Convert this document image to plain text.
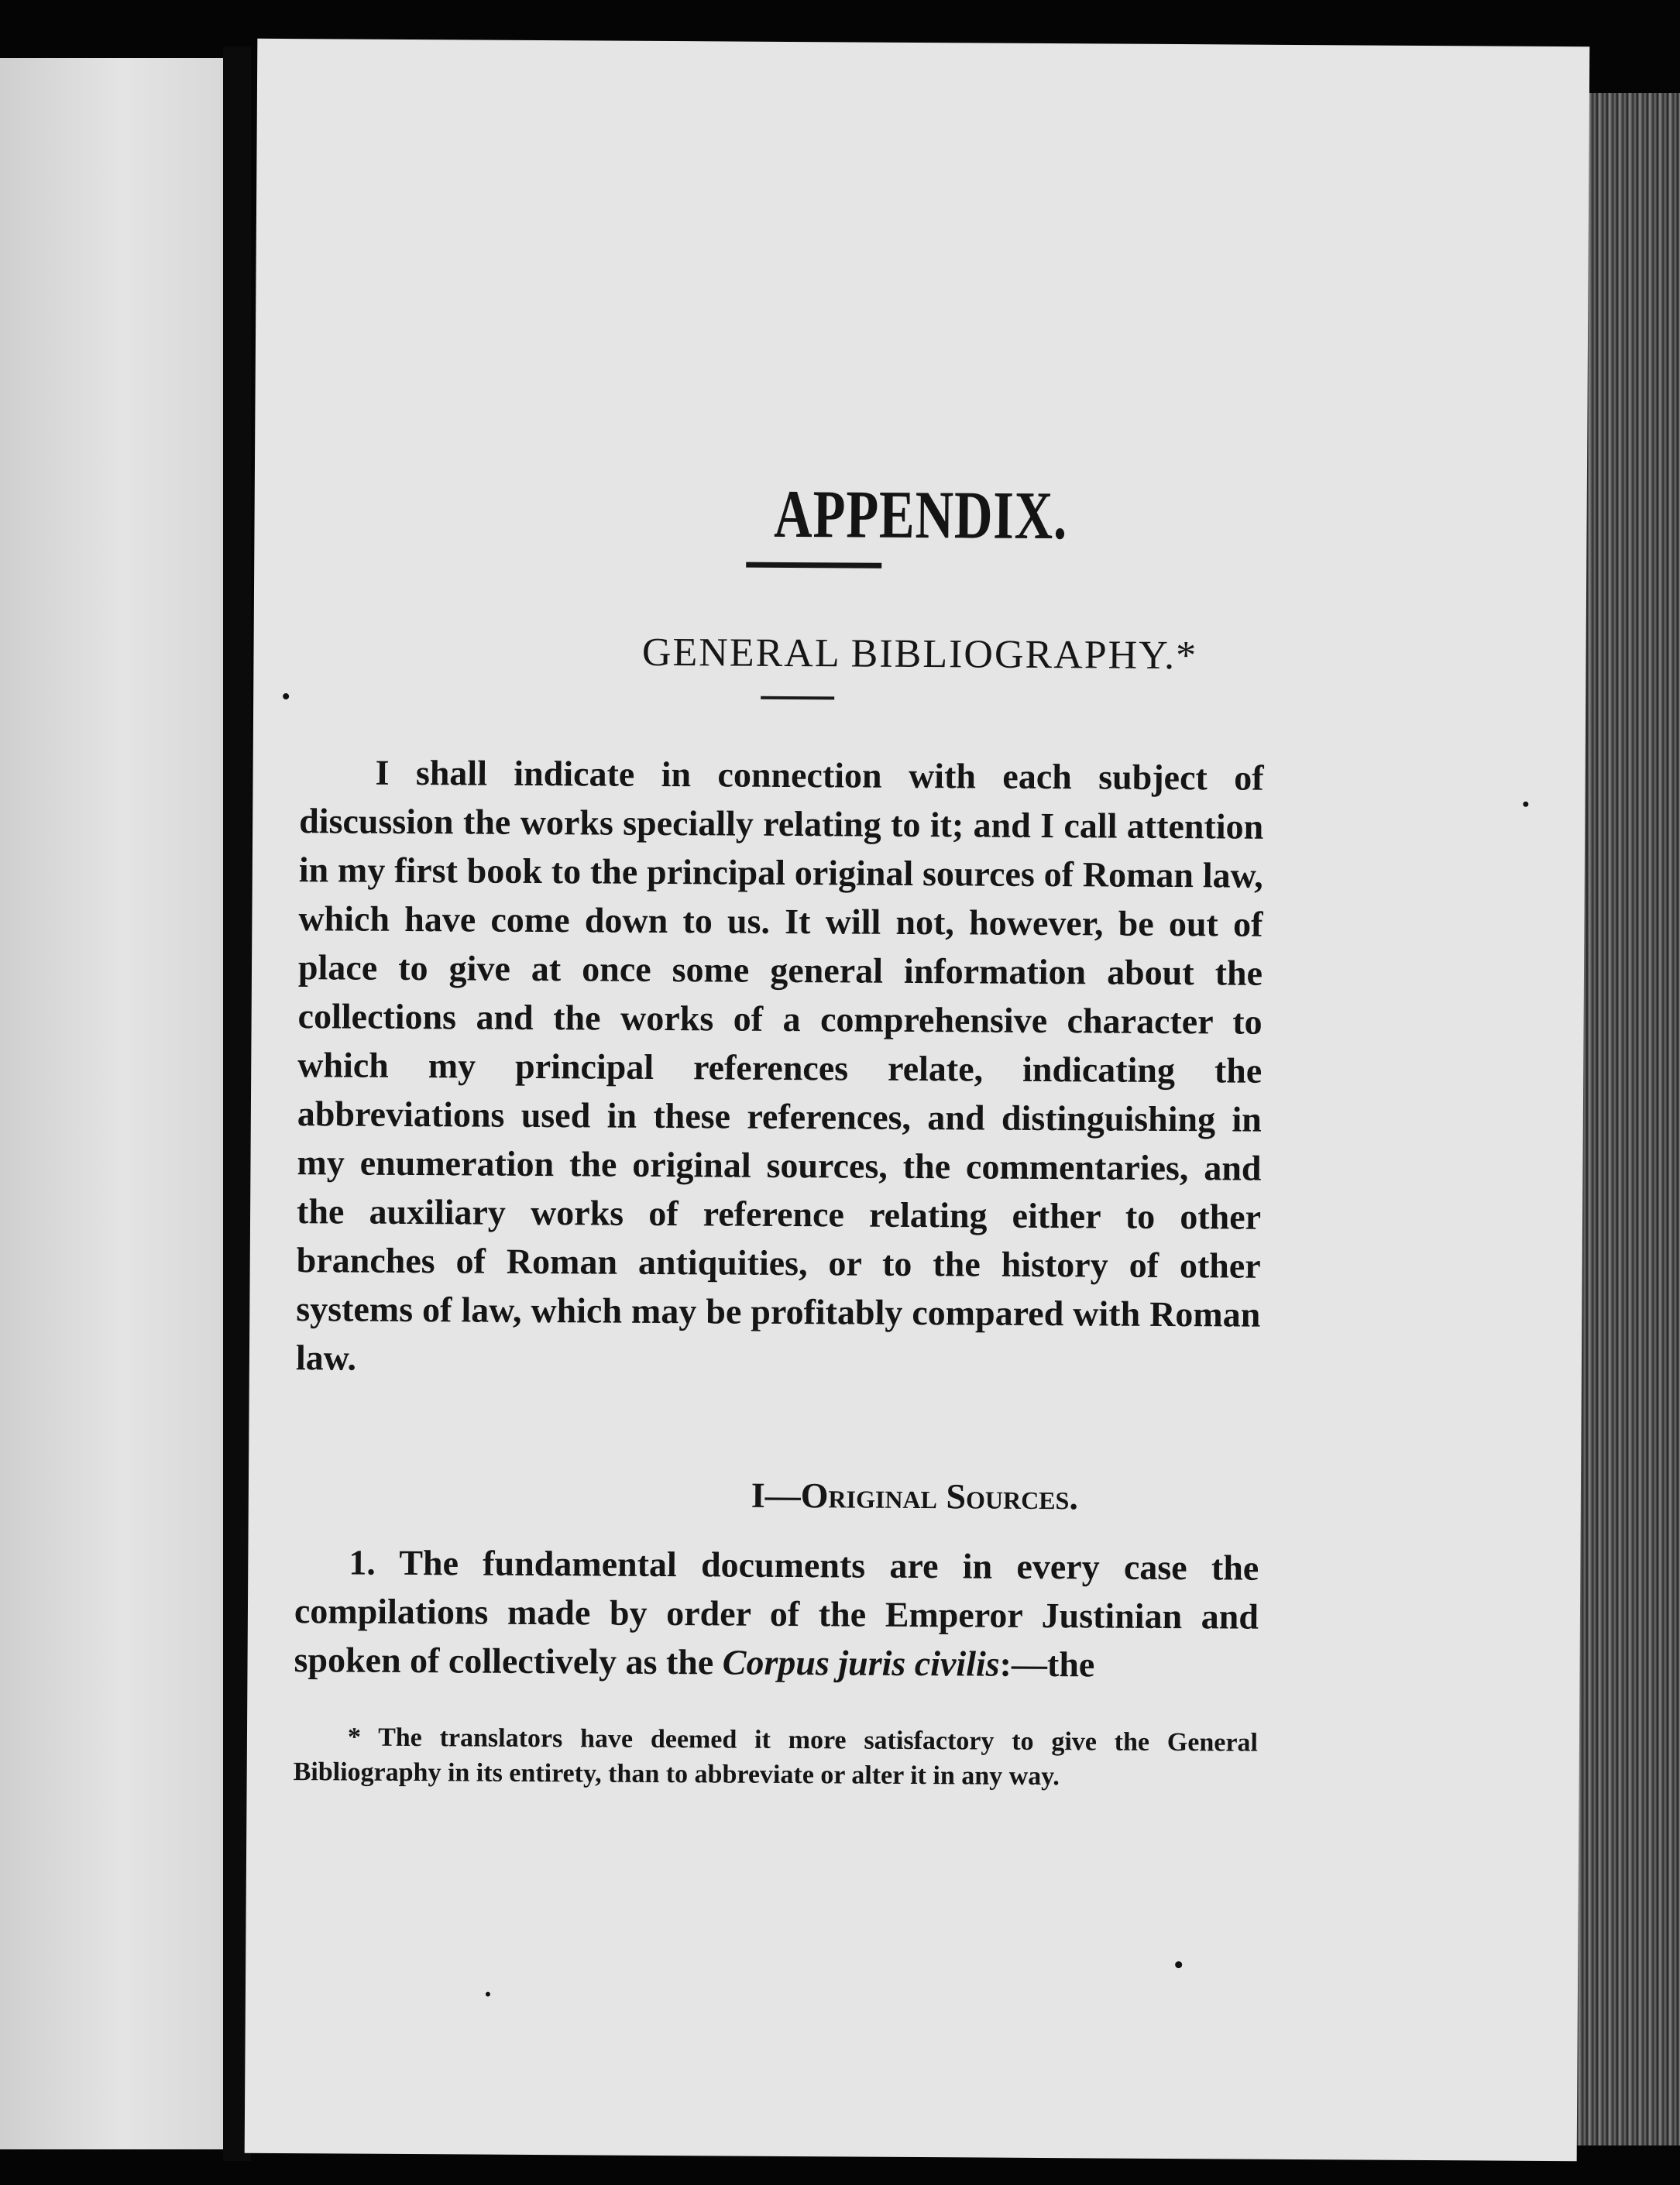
APPENDIX.
GENERAL BIBLIOGRAPHY.*
I shall indicate in connection with each subject of discussion the works specially relating to it; and I call attention in my first book to the principal original sources of Roman law, which have come down to us. It will not, however, be out of place to give at once some general information about the collections and the works of a comprehensive character to which my principal references relate, indicating the abbreviations used in these references, and distinguishing in my enumeration the original sources, the commentaries, and the auxiliary works of reference relating either to other branches of Roman antiquities, or to the history of other systems of law, which may be profitably compared with Roman law.
I—Original Sources.
1. The fundamental documents are in every case the compilations made by order of the Emperor Justinian and spoken of collectively as the Corpus juris civilis:—the
* The translators have deemed it more satisfactory to give the General Bibliography in its entirety, than to abbreviate or alter it in any way.
